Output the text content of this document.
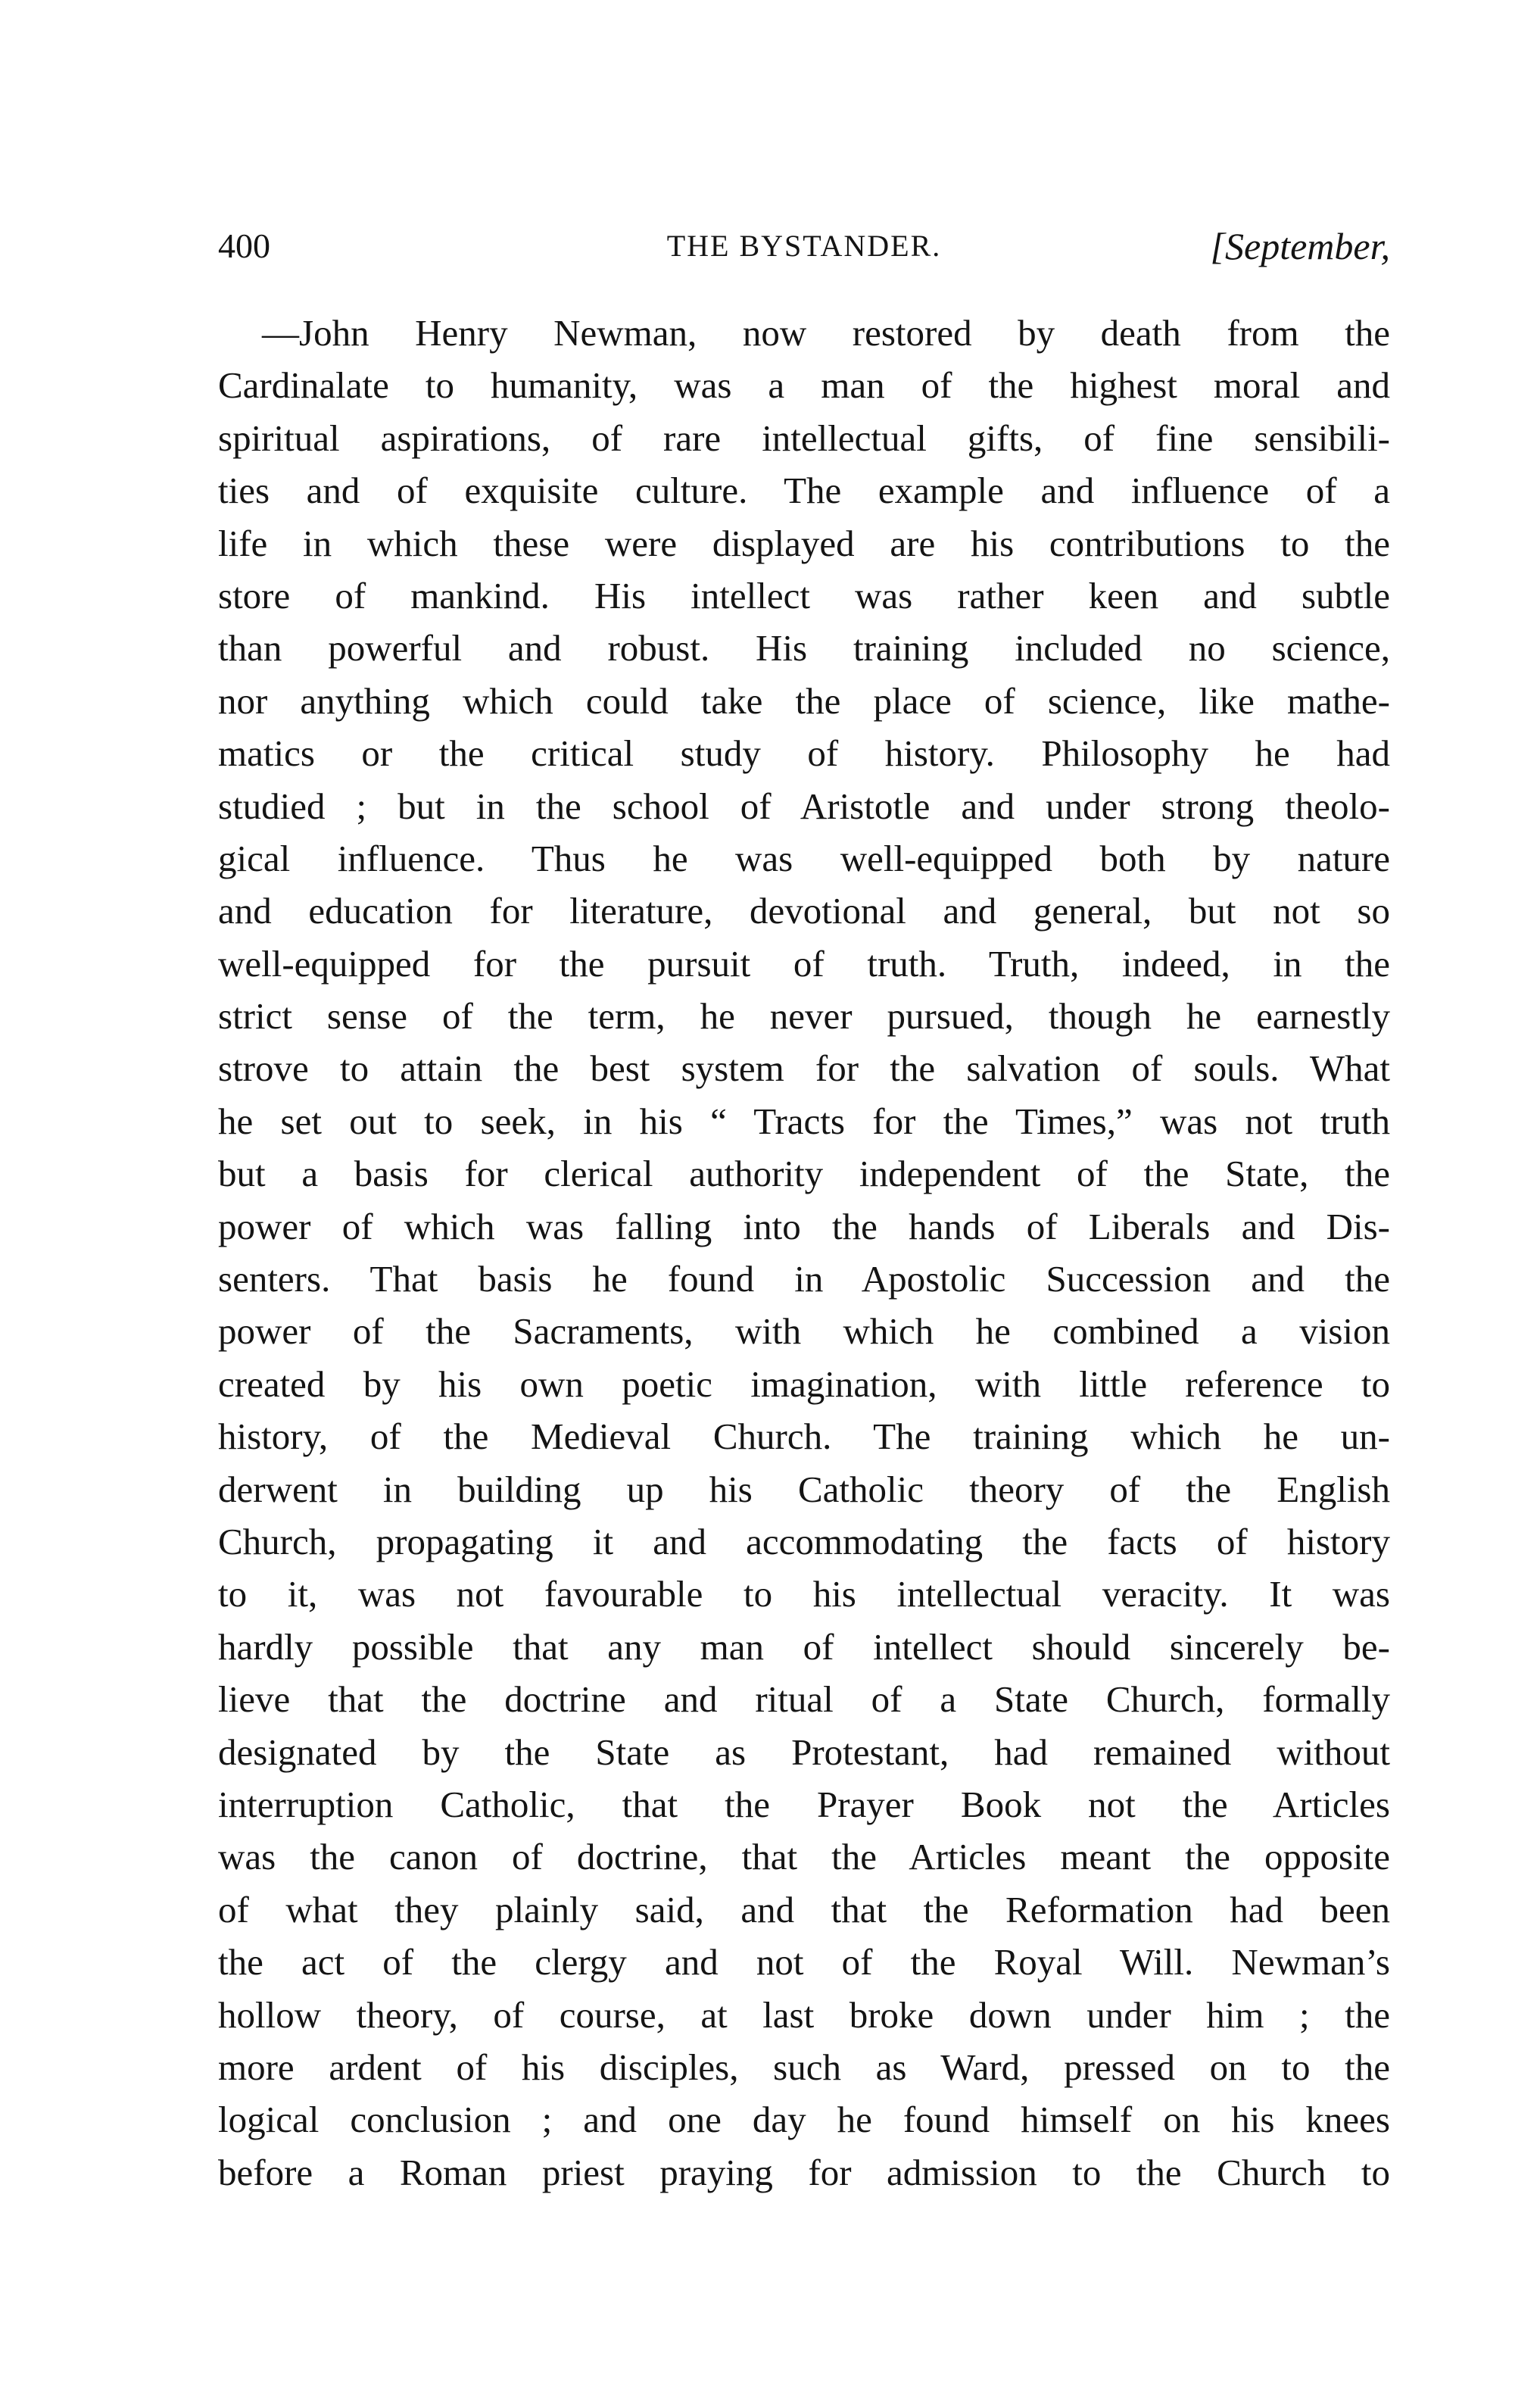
400	THE BYSTANDER.	[September,
—John Henry Newman, now restored by death from the
Cardinalate to humanity, was a man of the highest moral and
spiritual aspirations, of rare intellectual gifts, of fine sensibili-
ties and of exquisite culture. The example and influence of a
life in which these were displayed are his contributions to the
store of mankind. His intellect was rather keen and subtle
than powerful and robust. His training included no science,
nor anything which could take the place of science, like mathe-
matics or the critical study of history. Philosophy he had
studied ; but in the school of Aristotle and under strong theolo-
gical influence. Thus he was well-equipped both by nature
and education for literature, devotional and general, but not so
well-equipped for the pursuit of truth. Truth, indeed, in the
strict sense of the term, he never pursued, though he earnestly
strove to attain the best system for the salvation of souls. What
he set out to seek, in his “ Tracts for the Times,” was not truth
but a basis for clerical authority independent of the State, the
power of which was falling into the hands of Liberals and Dis-
senters. That basis he found in Apostolic Succession and the
power of the Sacraments, with which he combined a vision
created by his own poetic imagination, with little reference to
history, of the Medieval Church. The training which he un-
derwent in building up his Catholic theory of the English
Church, propagating it and accommodating the facts of history
to it, was not favourable to his intellectual veracity. It was
hardly possible that any man of intellect should sincerely be-
lieve that the doctrine and ritual of a State Church, formally
designated by the State as Protestant, had remained without
interruption Catholic, that the Prayer Book not the Articles
was the canon of doctrine, that the Articles meant the opposite
of what they plainly said, and that the Reformation had been
the act of the clergy and not of the Royal Will. Newman’s
hollow theory, of course, at last broke down under him ; the
more ardent of his disciples, such as Ward, pressed on to the
logical conclusion ; and one day he found himself on his knees
before a Roman priest praying for admission to the Church to
